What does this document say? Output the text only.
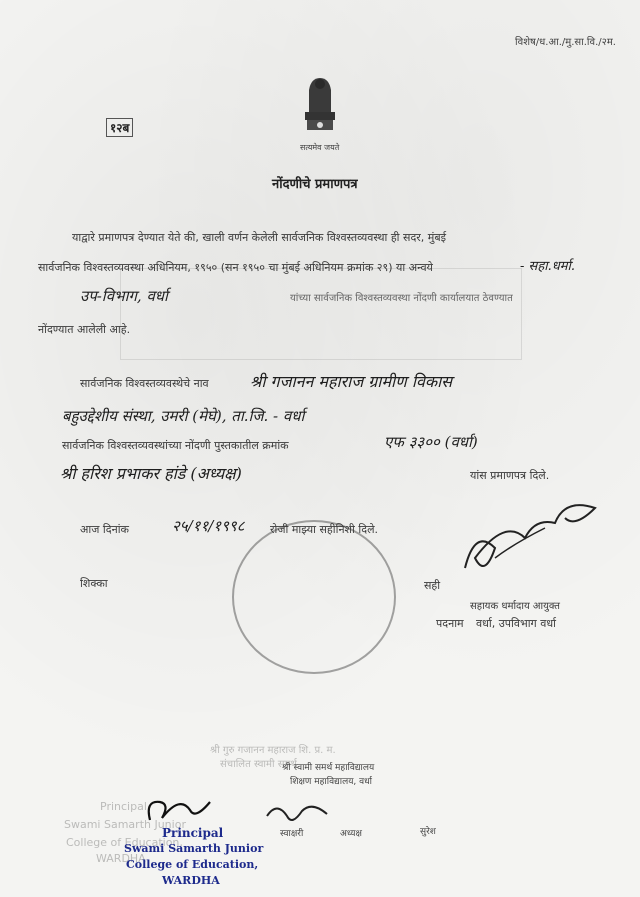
विशेष/ध.आ./मु.सा.वि./२म.
१२ब
सत्यमेव जयते
नोंदणीचे प्रमाणपत्र
याद्वारे प्रमाणपत्र देण्यात येते की, खाली वर्णन केलेली सार्वजनिक विश्वस्तव्यवस्था ही सदर, मुंबई
सार्वजनिक विश्वस्तव्यवस्था अधिनियम, १९५० (सन १९५० चा मुंबई अधिनियम क्रमांक २९) या अन्वये	- सहा.धर्मा.
उप-विभाग, वर्धा	यांच्या सार्वजनिक विश्वस्तव्यवस्था नोंदणी कार्यालयात ठेवण्यात
नोंदण्यात आलेली आहे.
सार्वजनिक विश्वस्तव्यवस्थेचे नाव	श्री गजानन महाराज ग्रामीण विकास
बहुउद्देशीय संस्था, उमरी (मेघे), ता.जि. - वर्धा
सार्वजनिक विश्वस्तव्यवस्थांच्या नोंदणी पुस्तकातील क्रमांक	एफ ३३०० (वर्धा)
श्री हरिश प्रभाकर हांडे (अध्यक्ष)	यांस प्रमाणपत्र दिले.
आज दिनांक	२५/११/१९९८ रोजी माझ्या सहीनिशी दिले.
शिक्का	सही
सहायक धर्मादाय आयुक्त
पदनाम वर्धा, उपविभाग वर्धा
श्री गुरु गजानन महाराज शि. प्र. म.
संचालित स्वामी समर्थ
श्री स्वामी समर्थ महाविद्यालय
शिक्षण महाविद्यालय, वर्धा
स्वाक्षरी	अध्यक्ष	सुरेश
Principal
Swami Samarth Junior
College of Education,
WARDHA
Principal
Swami Samarth Junior
College of Education,
WARDHA
